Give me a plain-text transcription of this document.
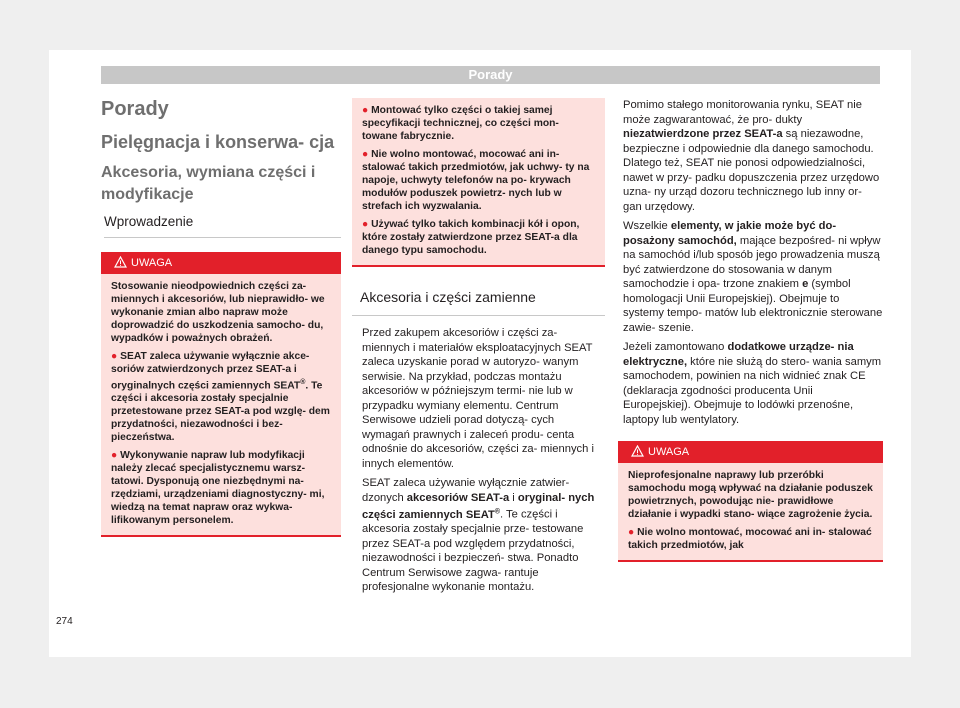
Porady
Porady
Pielęgnacja i konserwa- cja
Akcesoria, wymiana części i modyfikacje
Wprowadzenie
UWAGA

Stosowanie nieodpowiednich części za- miennych i akcesoriów, lub nieprawidło- we wykonanie zmian albo napraw może doprowadzić do uszkodzenia samocho- du, wypadków i poważnych obrażeń.

● SEAT zaleca używanie wyłącznie akce- soriów zatwierdzonych przez SEAT-a i oryginalnych części zamiennych SEAT®. Te części i akcesoria zostały specjalnie przetestowane przez SEAT-a pod wzglę- dem przydatności, niezawodności i bez- pieczeństwa.

● Wykonywanie napraw lub modyfikacji należy zlecać specjalistycznemu warsz- tatowi. Dysponują one niezbędnymi na- rzędziami, urządzeniami diagnostyczny- mi, wiedzą na temat napraw oraz wykwa- lifikowanym personelem.

● Montować tylko części o takiej samej specyfikacji technicznej, co części mon- towane fabrycznie.

● Nie wolno montować, mocować ani in- stalować takich przedmiotów, jak uchwy- ty na napoje, uchwyty telefonów na po- krywach modułów poduszek powietrz- nych lub w strefach ich wyzwalania.

● Używać tylko takich kombinacji kół i opon, które zostały zatwierdzone przez SEAT-a dla danego typu samochodu.

Akcesoria i części zamienne

Przed zakupem akcesoriów i części za- miennych i materiałów eksploatacyjnych SEAT zaleca uzyskanie porad w autoryzo- wanym serwisie. Na przykład, podczas montażu akcesoriów w późniejszym termi- nie lub w przypadku wymiany elementu. Centrum Serwisowe udzieli porad dotyczą- cych wymagań prawnych i zaleceń produ- centa odnośnie do akcesoriów, części za- miennych i innych elementów.

SEAT zaleca używanie wyłącznie zatwier- dzonych akcesoriów SEAT-a i oryginal- nych części zamiennych SEAT®. Te części i akcesoria zostały specjalnie prze- testowane przez SEAT-a pod względem przydatności, niezawodności i bezpieczeń- stwa. Ponadto Centrum Serwisowe zagwa- rantuje profesjonalne wykonanie montażu.

Pomimo stałego monitorowania rynku, SEAT nie może zagwarantować, że pro- dukty niezatwierdzone przez SEAT-a są niezawodne, bezpieczne i odpowiednie dla danego samochodu. Dlatego też, SEAT nie ponosi odpowiedzialności, nawet w przy- padku dopuszczenia przez urzędowo uzna- ny urząd dozoru technicznego lub inny or- gan urzędowy.

Wszelkie elementy, w jakie może być do- posażony samochód, mające bezpośred- ni wpływ na samochód i/lub sposób jego prowadzenia muszą być zatwierdzone do stosowania w danym samochodzie i opa- trzone znakiem e (symbol homologacji Unii Europejskiej). Obejmuje to systemy tempo- matów lub elektronicznie sterowane zawie- szenie.

Jeżeli zamontowano dodatkowe urządze- nia elektryczne, które nie służą do stero- wania samym samochodem, powinien na nich widnieć znak CE (deklaracja zgodności producenta Unii Europejskiej). Obejmuje to lodówki przenośne, laptopy lub wentylatory.

UWAGA

Nieprofesjonalne naprawy lub przeróbki samochodu mogą wpływać na działanie poduszek powietrznych, powodując nie- prawidłowe działanie i wypadki stano- wiące zagrożenie życia.

● Nie wolno montować, mocować ani in- stalować takich przedmiotów, jak

274
